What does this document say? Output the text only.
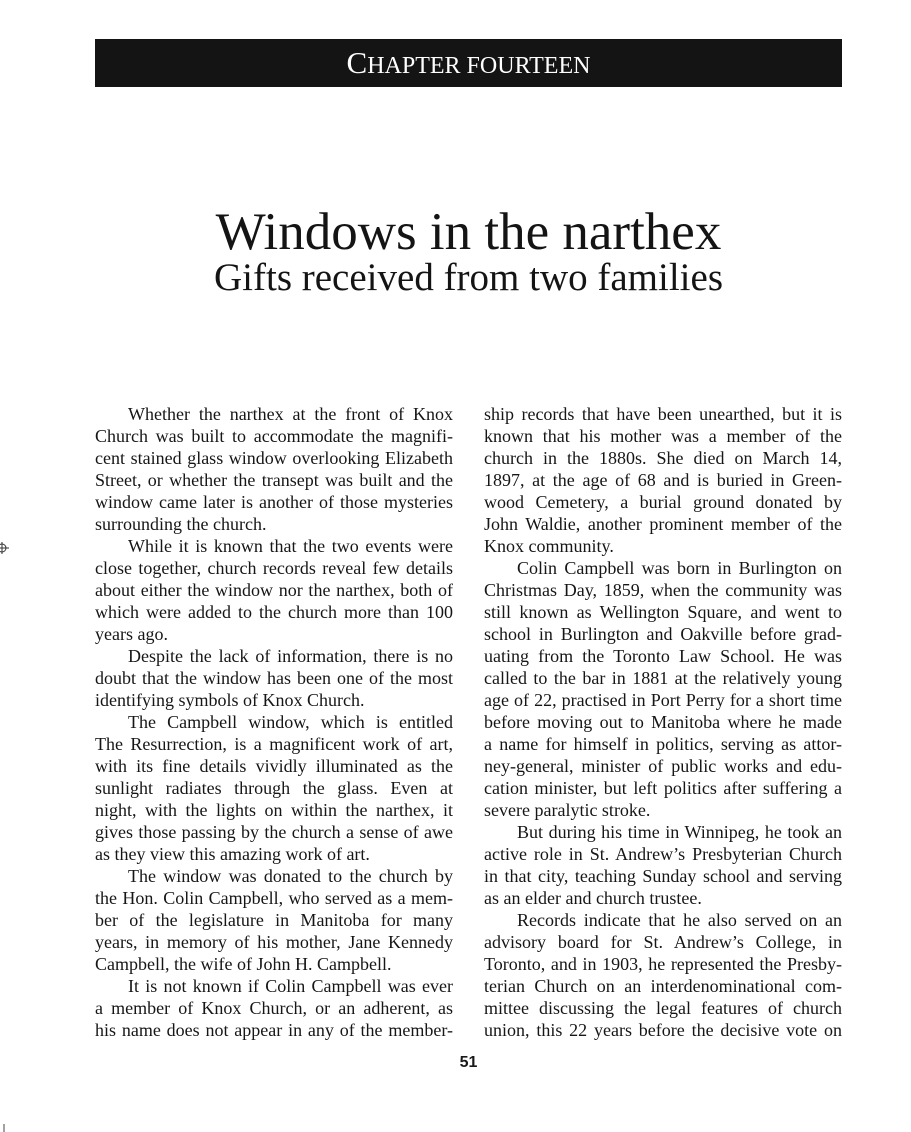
CHAPTER FOURTEEN
Windows in the narthex
Gifts received from two families
Whether the narthex at the front of Knox
Church was built to accommodate the magnifi-
cent stained glass window overlooking Elizabeth
Street, or whether the transept was built and the
window came later is another of those mysteries
surrounding the church.
While it is known that the two events were
close together, church records reveal few details
about either the window nor the narthex, both of
which were added to the church more than 100
years ago.
Despite the lack of information, there is no
doubt that the window has been one of the most
identifying symbols of Knox Church.
The Campbell window, which is entitled
The Resurrection, is a magnificent work of art,
with its fine details vividly illuminated as the
sunlight radiates through the glass. Even at
night, with the lights on within the narthex, it
gives those passing by the church a sense of awe
as they view this amazing work of art.
The window was donated to the church by
the Hon. Colin Campbell, who served as a mem-
ber of the legislature in Manitoba for many
years, in memory of his mother, Jane Kennedy
Campbell, the wife of John H. Campbell.
It is not known if Colin Campbell was ever
a member of Knox Church, or an adherent, as
his name does not appear in any of the member-
ship records that have been unearthed, but it is
known that his mother was a member of the
church in the 1880s. She died on March 14,
1897, at the age of 68 and is buried in Green-
wood Cemetery, a burial ground donated by
John Waldie, another prominent member of the
Knox community.
Colin Campbell was born in Burlington on
Christmas Day, 1859, when the community was
still known as Wellington Square, and went to
school in Burlington and Oakville before grad-
uating from the Toronto Law School. He was
called to the bar in 1881 at the relatively young
age of 22, practised in Port Perry for a short time
before moving out to Manitoba where he made
a name for himself in politics, serving as attor-
ney-general, minister of public works and edu-
cation minister, but left politics after suffering a
severe paralytic stroke.
But during his time in Winnipeg, he took an
active role in St. Andrew’s Presbyterian Church
in that city, teaching Sunday school and serving
as an elder and church trustee.
Records indicate that he also served on an
advisory board for St. Andrew’s College, in
Toronto, and in 1903, he represented the Presby-
terian Church on an interdenominational com-
mittee discussing the legal features of church
union, this 22 years before the decisive vote on
51
